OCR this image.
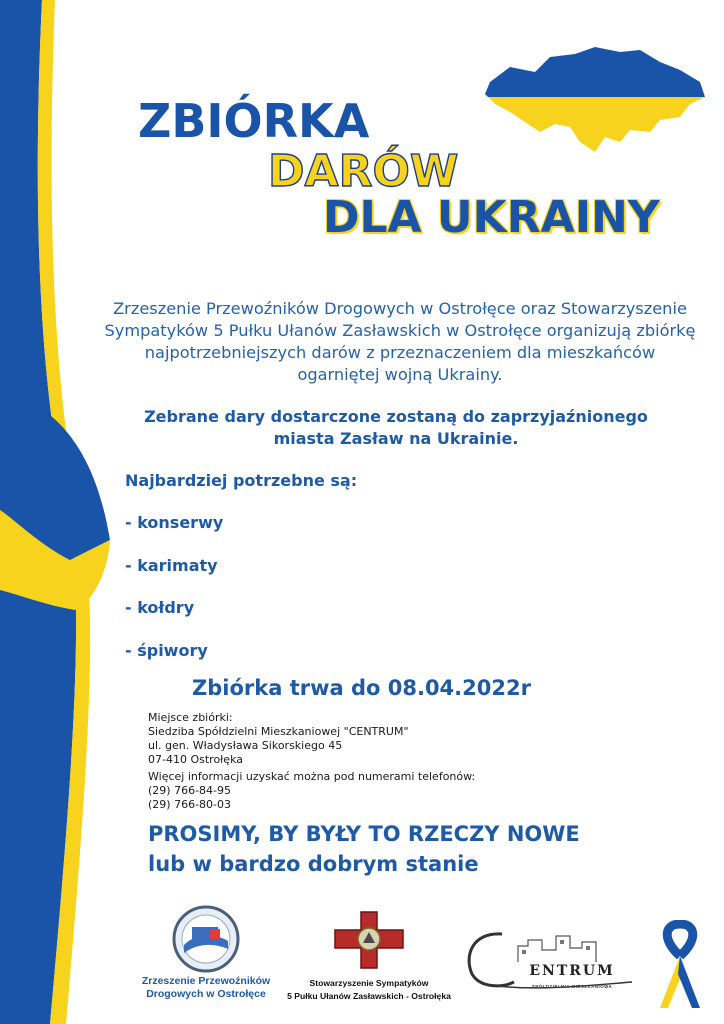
ZBIÓRKA
DARÓW
DLA UKRAINY
Zrzeszenie Przewoźników Drogowych w Ostrołęce oraz Stowarzyszenie
Sympatyków 5 Pułku Ułanów Zasławskich w Ostrołęce organizują zbiórkę
najpotrzebniejszych darów z przeznaczeniem dla mieszkańców
ogarniętej wojną Ukrainy.
Zebrane dary dostarczone zostaną do zaprzyjaźnionego
miasta Zasław na Ukrainie.
Najbardziej potrzebne są:
- konserwy
- karimaty
- kołdry
- śpiwory
Zbiórka trwa do 08.04.2022r
Miejsce zbiórki:
Siedziba Spółdzielni Mieszkaniowej "CENTRUM"
ul. gen. Władysława Sikorskiego 45
07-410 Ostrołęka
Więcej informacji uzyskać można pod numerami telefonów:
(29) 766-84-95
(29) 766-80-03
PROSIMY, BY BYŁY TO RZECZY NOWE
lub w bardzo dobrym stanie
Zrzeszenie Przewoźników
Drogowych w Ostrołęce
Stowarzyszenie Sympatyków
5 Pułku Ułanów Zasławskich - Ostrołęka
ENTRUM
SPÓŁDZIELNIA MIESZKANIOWA
